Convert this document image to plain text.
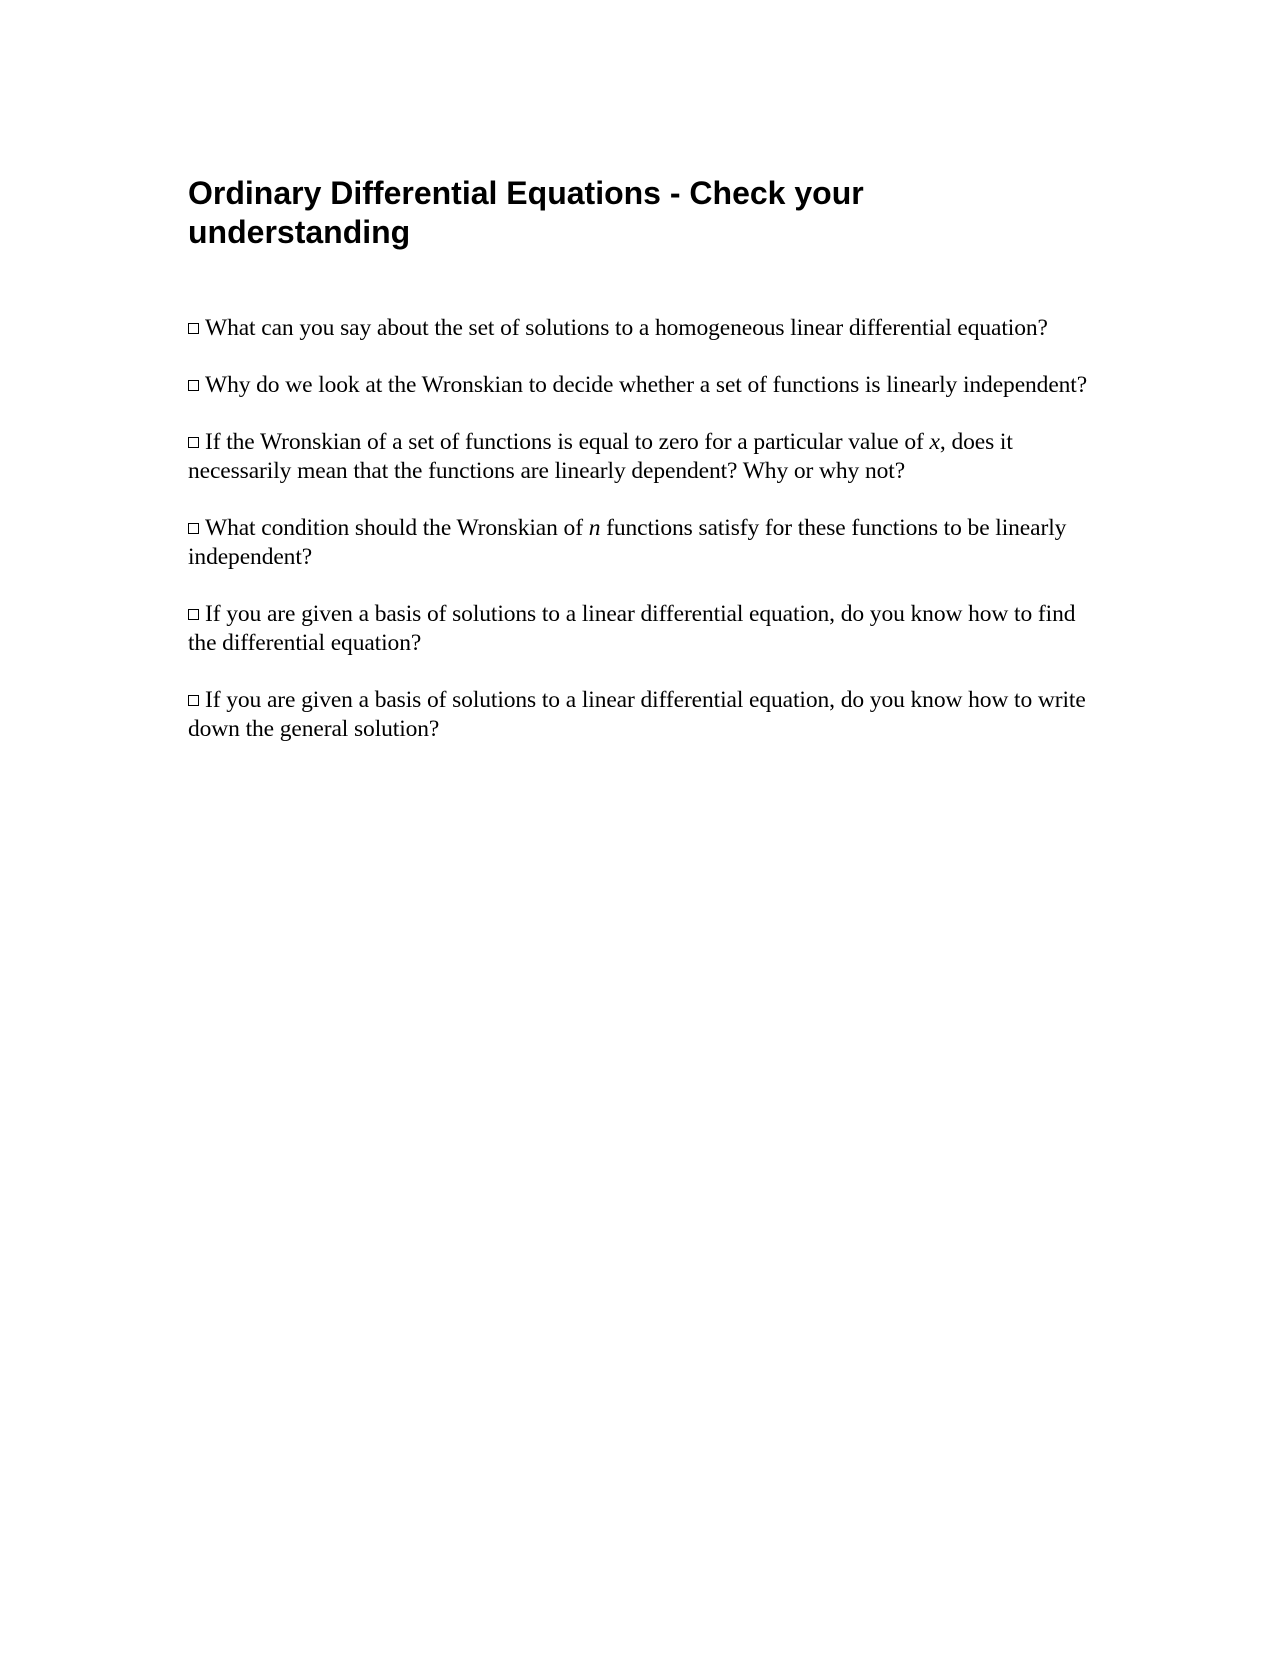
Ordinary Differential Equations - Check your understanding
What can you say about the set of solutions to a homogeneous linear differential equation?
Why do we look at the Wronskian to decide whether a set of functions is linearly independent?
If the Wronskian of a set of functions is equal to zero for a particular value of x, does it necessarily mean that the functions are linearly dependent? Why or why not?
What condition should the Wronskian of n functions satisfy for these functions to be linearly independent?
If you are given a basis of solutions to a linear differential equation, do you know how to find the differential equation?
If you are given a basis of solutions to a linear differential equation, do you know how to write down the general solution?
